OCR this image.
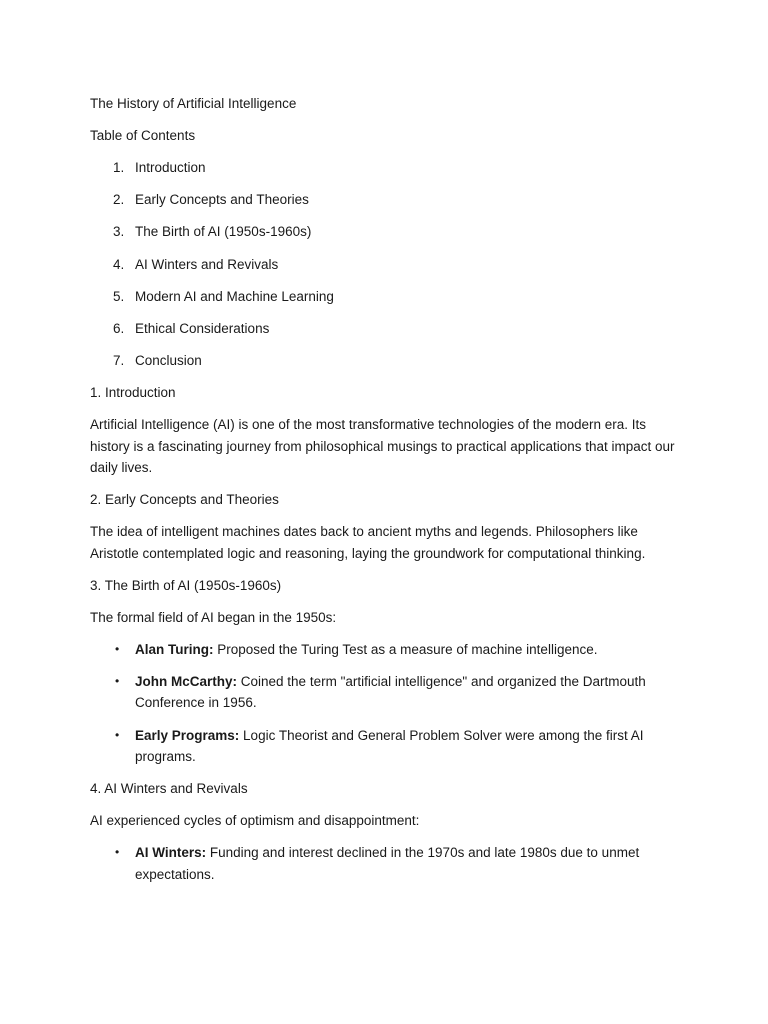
The History of Artificial Intelligence

Table of Contents

1. Introduction
2. Early Concepts and Theories
3. The Birth of AI (1950s-1960s)
4. AI Winters and Revivals
5. Modern AI and Machine Learning
6. Ethical Considerations
7. Conclusion

1. Introduction

Artificial Intelligence (AI) is one of the most transformative technologies of the modern era. Its history is a fascinating journey from philosophical musings to practical applications that impact our daily lives.

2. Early Concepts and Theories

The idea of intelligent machines dates back to ancient myths and legends. Philosophers like Aristotle contemplated logic and reasoning, laying the groundwork for computational thinking.

3. The Birth of AI (1950s-1960s)

The formal field of AI began in the 1950s:

• Alan Turing: Proposed the Turing Test as a measure of machine intelligence.
• John McCarthy: Coined the term "artificial intelligence" and organized the Dartmouth Conference in 1956.
• Early Programs: Logic Theorist and General Problem Solver were among the first AI programs.

4. AI Winters and Revivals

AI experienced cycles of optimism and disappointment:

• AI Winters: Funding and interest declined in the 1970s and late 1980s due to unmet expectations.
